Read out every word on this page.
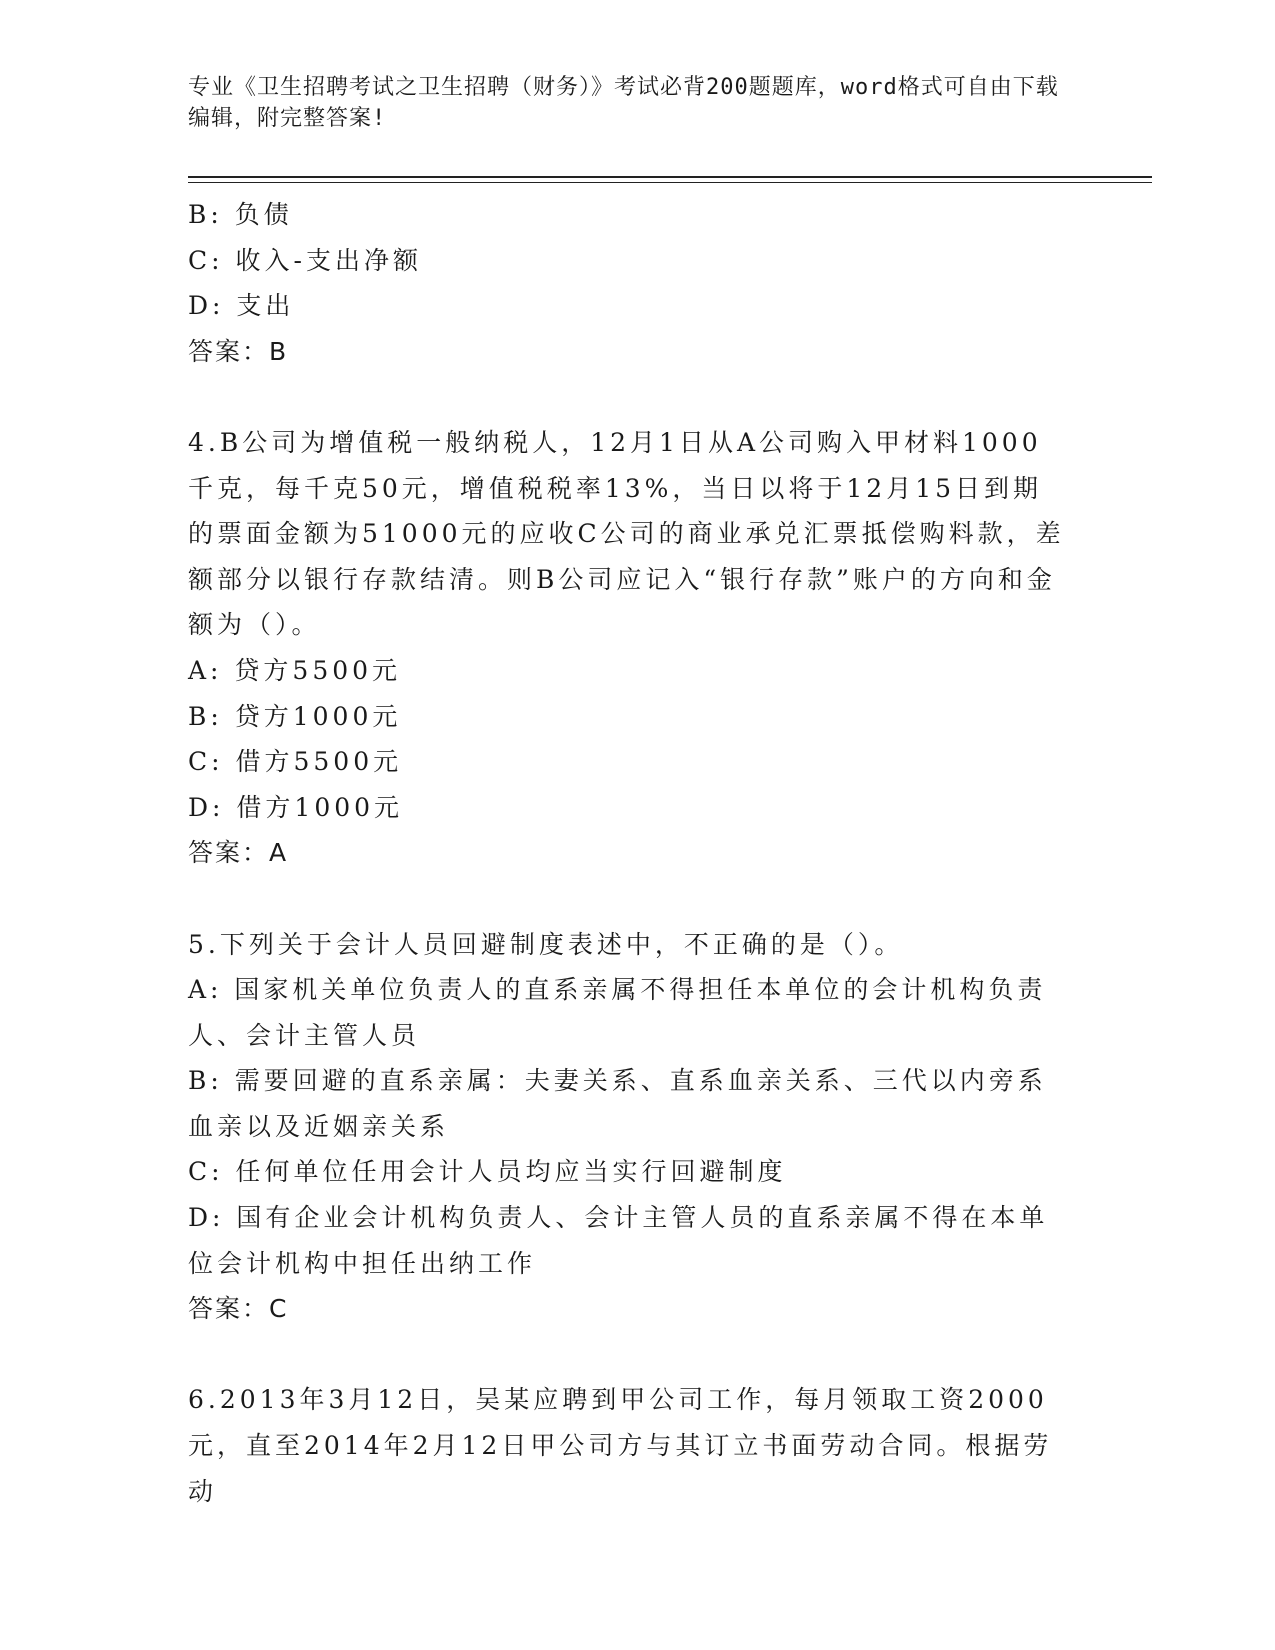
专业《卫生招聘考试之卫生招聘（财务）》考试必背200题题库，word格式可自由下载编辑，附完整答案!

B: 负债

C: 收入-支出净额

D: 支出

答案：B

4.B公司为增值税一般纳税人，12月1日从A公司购入甲材料1000千克，每千克50元，增值税税率13%，当日以将于12月15日到期的票面金额为51000元的应收C公司的商业承兑汇票抵偿购料款，差额部分以银行存款结清。则B公司应记入“银行存款”账户的方向和金额为（）。

A: 贷方5500元

B: 贷方1000元

C: 借方5500元

D: 借方1000元

答案：A

5.下列关于会计人员回避制度表述中，不正确的是（）。

A: 国家机关单位负责人的直系亲属不得担任本单位的会计机构负责人、会计主管人员

B: 需要回避的直系亲属：夫妻关系、直系血亲关系、三代以内旁系血亲以及近姻亲关系

C: 任何单位任用会计人员均应当实行回避制度

D: 国有企业会计机构负责人、会计主管人员的直系亲属不得在本单位会计机构中担任出纳工作

答案：C

6.2013年3月12日，吴某应聘到甲公司工作，每月领取工资2000元，直至2014年2月12日甲公司方与其订立书面劳动合同。根据劳动
